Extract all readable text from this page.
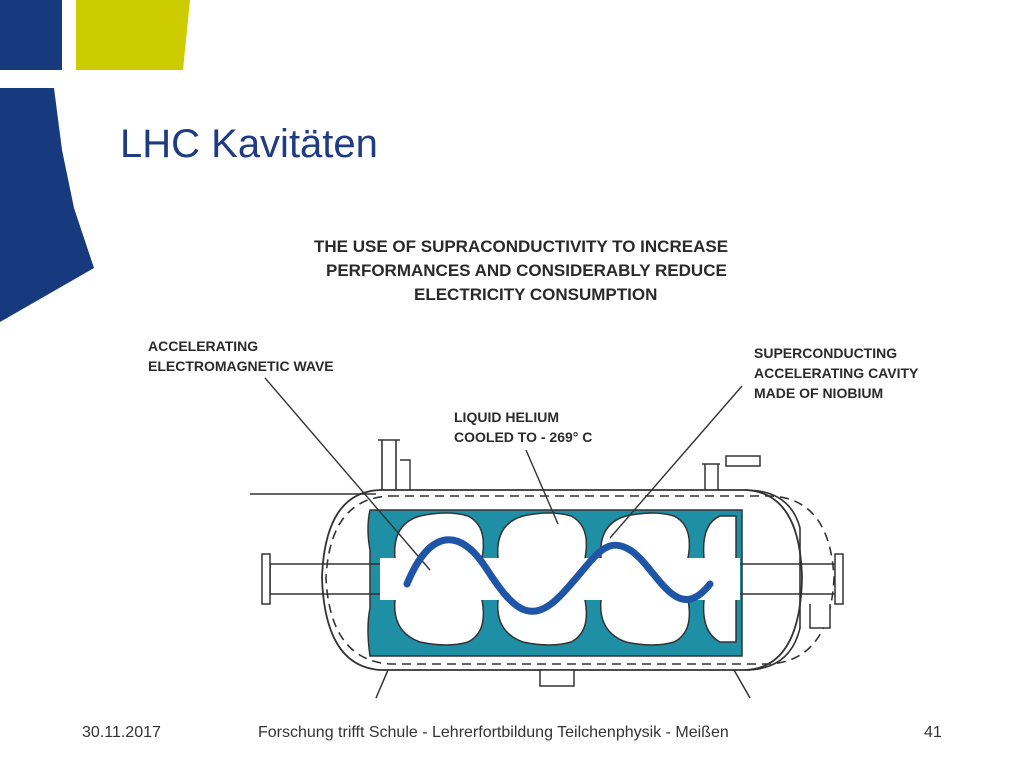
LHC Kavitäten
THE USE OF SUPRACONDUCTIVITY TO INCREASE
PERFORMANCES AND CONSIDERABLY REDUCE
ELECTRICITY CONSUMPTION
ACCELERATING
ELECTROMAGNETIC WAVE
SUPERCONDUCTING
ACCELERATING CAVITY
MADE OF NIOBIUM
LIQUID HELIUM
COOLED TO - 269° C
30.11.2017	Forschung trifft Schule - Lehrerfortbildung Teilchenphysik - Meißen	41
